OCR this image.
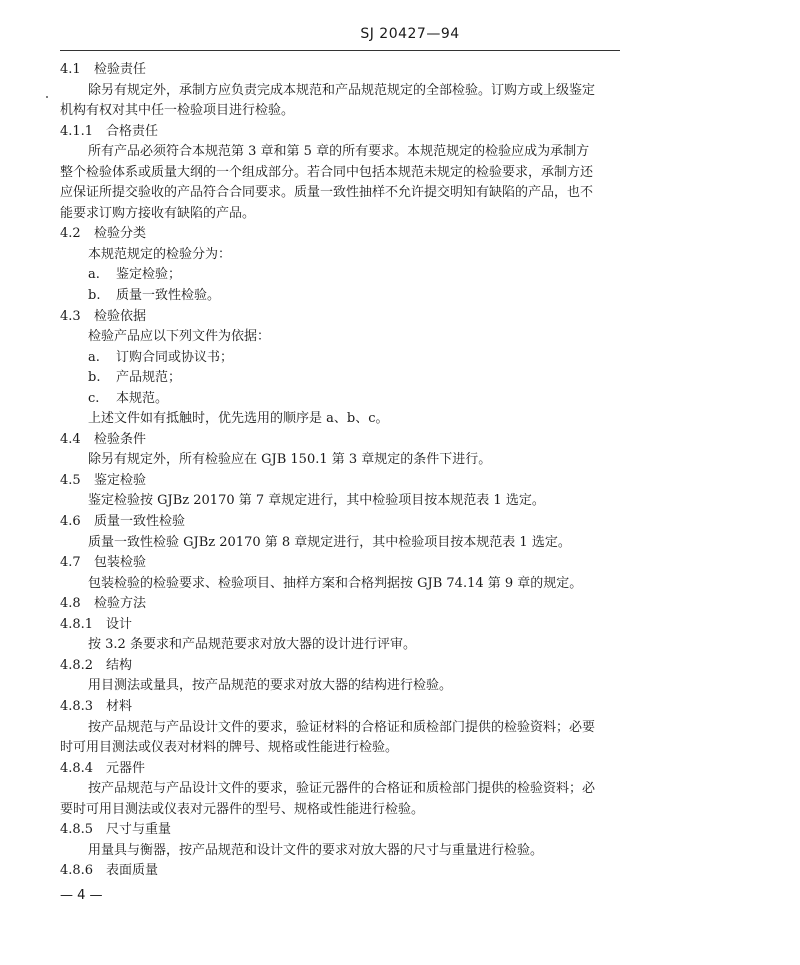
SJ 20427—94
4.1 检验责任
除另有规定外，承制方应负责完成本规范和产品规范规定的全部检验。订购方或上级鉴定
机构有权对其中任一检验项目进行检验。
4.1.1 合格责任
所有产品必须符合本规范第 3 章和第 5 章的所有要求。本规范规定的检验应成为承制方
整个检验体系或质量大纲的一个组成部分。若合同中包括本规范未规定的检验要求，承制方还
应保证所提交验收的产品符合合同要求。质量一致性抽样不允许提交明知有缺陷的产品，也不
能要求订购方接收有缺陷的产品。
4.2 检验分类
本规范规定的检验分为：
a. 鉴定检验；
b. 质量一致性检验。
4.3 检验依据
检验产品应以下列文件为依据：
a. 订购合同或协议书；
b. 产品规范；
c. 本规范。
上述文件如有抵触时，优先选用的顺序是 a、b、c。
4.4 检验条件
除另有规定外，所有检验应在 GJB 150.1 第 3 章规定的条件下进行。
4.5 鉴定检验
鉴定检验按 GJBz 20170 第 7 章规定进行，其中检验项目按本规范表 1 选定。
4.6 质量一致性检验
质量一致性检验 GJBz 20170 第 8 章规定进行，其中检验项目按本规范表 1 选定。
4.7 包装检验
包装检验的检验要求、检验项目、抽样方案和合格判据按 GJB 74.14 第 9 章的规定。
4.8 检验方法
4.8.1 设计
按 3.2 条要求和产品规范要求对放大器的设计进行评审。
4.8.2 结构
用目测法或量具，按产品规范的要求对放大器的结构进行检验。
4.8.3 材料
按产品规范与产品设计文件的要求，验证材料的合格证和质检部门提供的检验资料；必要
时可用目测法或仪表对材料的牌号、规格或性能进行检验。
4.8.4 元器件
按产品规范与产品设计文件的要求，验证元器件的合格证和质检部门提供的检验资料；必
要时可用目测法或仪表对元器件的型号、规格或性能进行检验。
4.8.5 尺寸与重量
用量具与衡器，按产品规范和设计文件的要求对放大器的尺寸与重量进行检验。
4.8.6 表面质量
— 4 —
